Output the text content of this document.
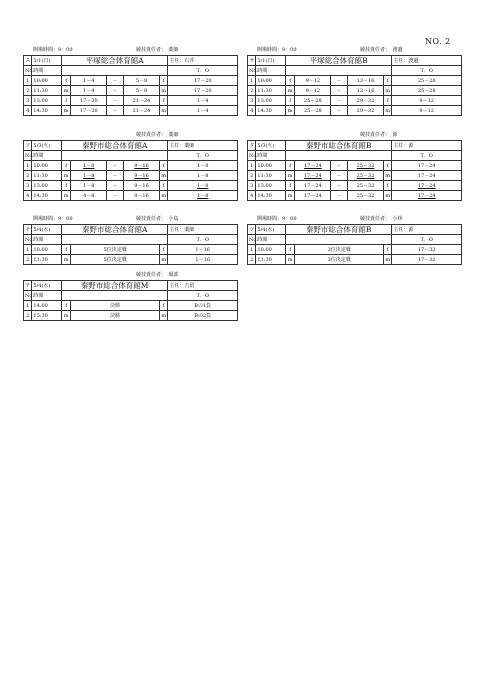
NO. 2
開場時間：9：00	競技責任者：　薬師
ス	5/1(日)	平塚総合体育館A					主任：石井
No.	時間						T．O
1	10:00	f	1－4	－	5－8	f	17－20
2	11:30	m	1－4	－	5－8	m	17－20
3	13:00	f	17－20	－	21－24	f	1－4
4	14:30	m	17－20	－	21－24	m	1－4
開場時間：9：00	競技責任者：　渡邊
サ	5/1(日)	平塚総合体育館B					主任：渡邊
No.	時間						T．O
1	10:00	f	9－12	－	13－16	f	25－28
2	11:30	m	9－12	－	13－16	m	25－28
3	13:00	f	25－28	－	29－32	f	9－12
4	14:30	m	25－28	－	29－32	m	9－12
競技責任者：　薬師
ソ	5/3(火)	秦野市総合体育館A					主任：薬師
No.	時間						T．O
1	10:00	f	1－8	－	9－16	f	1－8
2	11:30	m	1－8	－	9－16	m	1－8
3	13:00	f	1－8	－	9－16	f	1－8
4	14:30	m	4－8	－	9－16	m	1－8
競技責任者：　源
タ	5/3(火)	秦野市総合体育館B					主任：源
No.	時間						T．O
1	10:00	f	17－24	－	25－32	f	17－24
2	11:30	m	17－24	－	25－32	m	17－24
3	13:00	f	17－24	－	25－32	f	17－24
4	14:30	m	17－24	－	25－32	m	17－24
開場時間：9：00	競技責任者：　小島
チ	5/4(水)	秦野市総合体育館A			主任：薬師
No.	時間				T．O
1	10:00	f	5位決定戦	f	1－16
2	11:30	m	5位決定戦	m	1－16
開場時間：9：00	競技責任者：　小林
ツ	5/4(水)	秦野市総合体育館B			主任：源
No.	時間				T．O
1	10:00	f	3位決定戦	f	17－32
2	11:30	m	3位決定戦	m	17－32
競技責任者：　堀部
テ	5/4(水)	秦野市総合体育館M			主任：吉留
No.	時間				T．O
1	14:00	f	決勝	f	Bの1負
2	15:30	m	決勝	m	Bの2負
